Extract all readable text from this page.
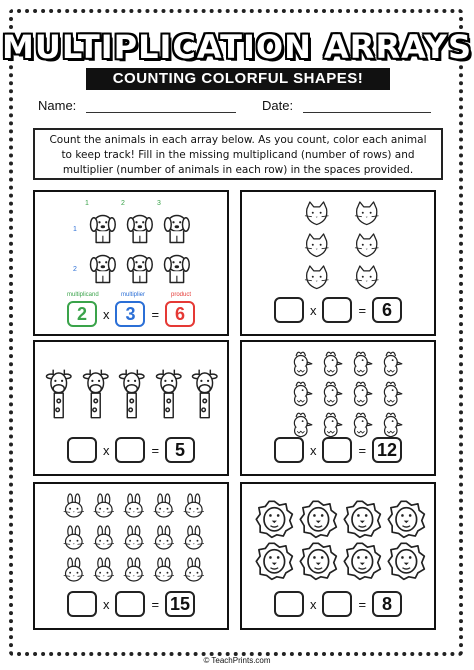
MULTIPLICATION ARRAYS
COUNTING COLORFUL SHAPES!
Name:	Date:
Count the animals in each array below. As you count, color each animal to keep track! Fill in the missing multiplicand (number of rows) and multiplier (number of animals in each row) in the spaces provided.
1	2	3
1
2
multiplicand	multiplier	product
2	x 3	= 6	x	= 6
x	= 5	x	= 12
x	= 15	x	= 8
© TeachPrints.com
